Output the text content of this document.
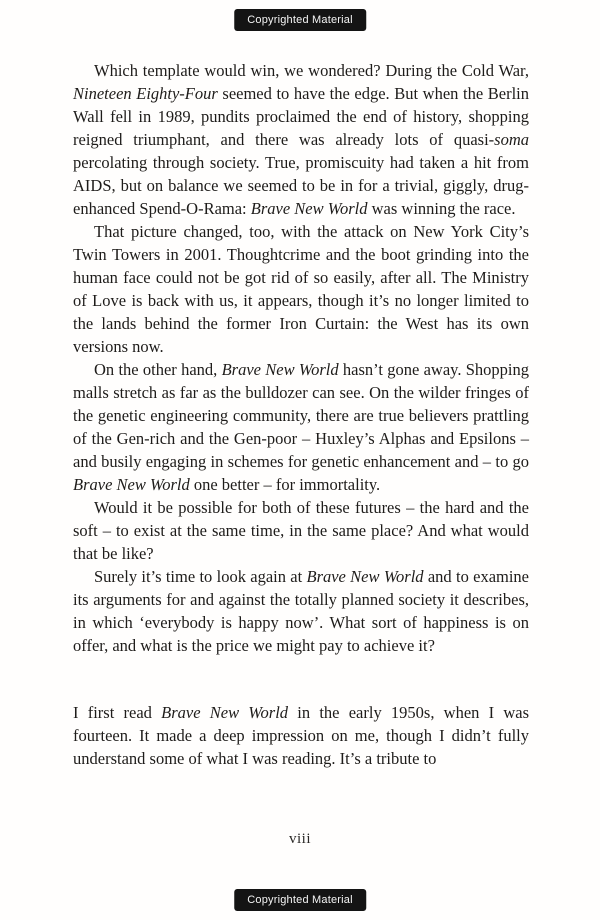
Copyrighted Material

Which template would win, we wondered? During the Cold War, Nineteen Eighty-Four seemed to have the edge. But when the Berlin Wall fell in 1989, pundits proclaimed the end of history, shopping reigned triumphant, and there was already lots of quasi-soma percolating through society. True, promiscuity had taken a hit from AIDS, but on balance we seemed to be in for a trivial, giggly, drug-enhanced Spend-O-Rama: Brave New World was winning the race.

That picture changed, too, with the attack on New York City’s Twin Towers in 2001. Thoughtcrime and the boot grinding into the human face could not be got rid of so easily, after all. The Ministry of Love is back with us, it appears, though it’s no longer limited to the lands behind the former Iron Curtain: the West has its own versions now.

On the other hand, Brave New World hasn’t gone away. Shopping malls stretch as far as the bulldozer can see. On the wilder fringes of the genetic engineering community, there are true believers prattling of the Gen-rich and the Gen-poor – Huxley’s Alphas and Epsilons – and busily engaging in schemes for genetic enhancement and – to go Brave New World one better – for immortality.

Would it be possible for both of these futures – the hard and the soft – to exist at the same time, in the same place? And what would that be like?

Surely it’s time to look again at Brave New World and to examine its arguments for and against the totally planned society it describes, in which ‘everybody is happy now’. What sort of happiness is on offer, and what is the price we might pay to achieve it?

I first read Brave New World in the early 1950s, when I was fourteen. It made a deep impression on me, though I didn’t fully understand some of what I was reading. It’s a tribute to

viii
Copyrighted Material
